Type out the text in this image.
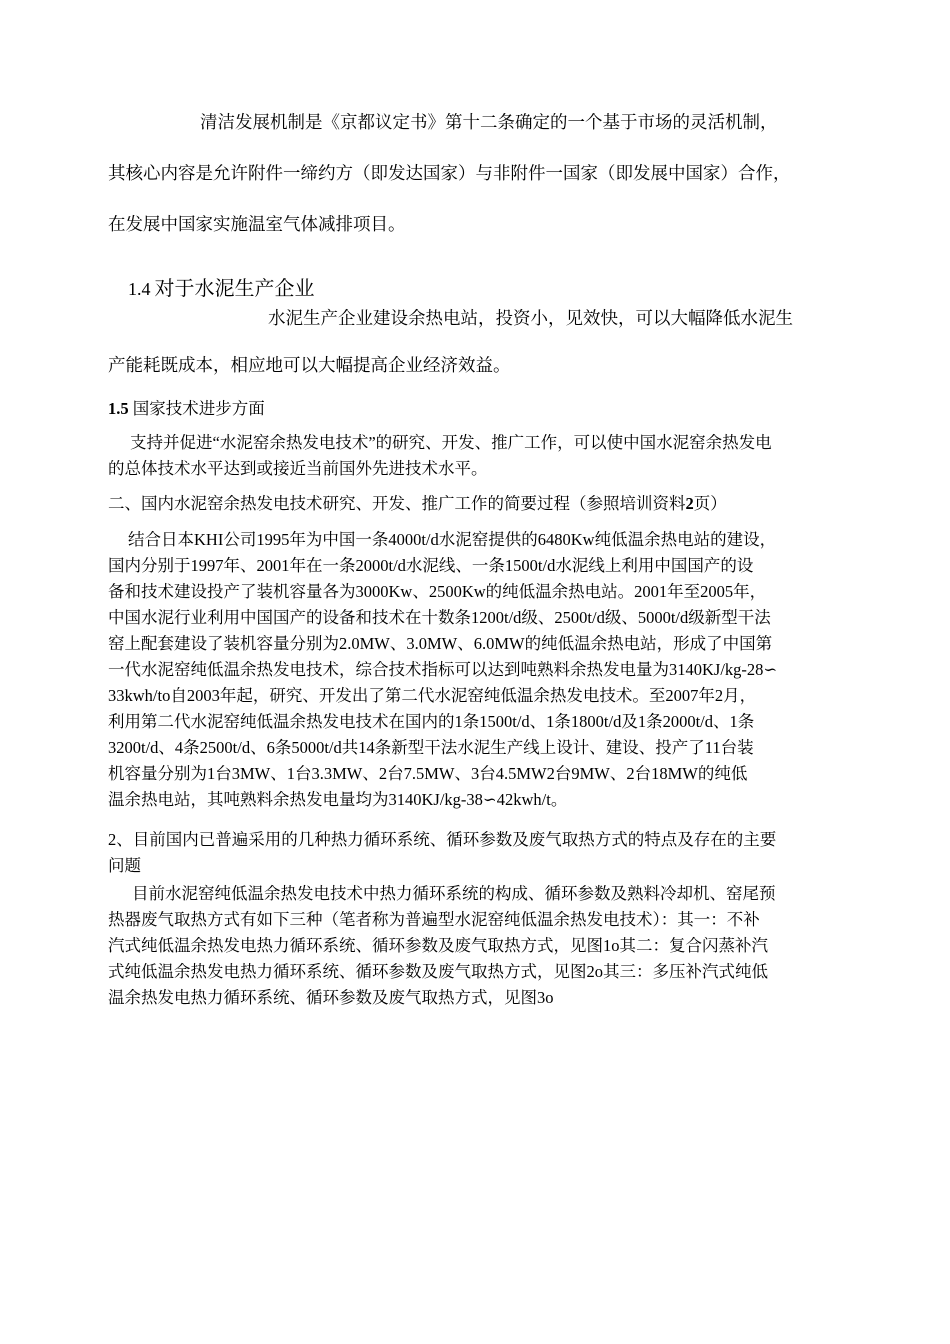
清洁发展机制是《京都议定书》第十二条确定的一个基于市场的灵活机制，
其核心内容是允许附件一缔约方（即发达国家）与非附件一国家（即发展中国家）合作，
在发展中国家实施温室气体减排项目。
1.4 对于水泥生产企业
水泥生产企业建设余热电站，投资小，见效快，可以大幅降低水泥生
产能耗既成本，相应地可以大幅提高企业经济效益。
1.5 国家技术进步方面
支持并促进“水泥窑余热发电技术”的研究、开发、推广工作，可以使中国水泥窑余热发电
的总体技术水平达到或接近当前国外先进技术水平。
二、国内水泥窑余热发电技术研究、开发、推广工作的简要过程（参照培训资料2页）
结合日本KHI公司1995年为中国一条4000t/d水泥窑提供的6480Kw纯低温余热电站的建设，
国内分别于1997年、2001年在一条2000t/d水泥线、一条1500t/d水泥线上利用中国国产的设
备和技术建设投产了装机容量各为3000Kw、2500Kw的纯低温余热电站。2001年至2005年，
中国水泥行业利用中国国产的设备和技术在十数条1200t/d级、2500t/d级、5000t/d级新型干法
窑上配套建设了装机容量分别为2.0MW、3.0MW、6.0MW的纯低温余热电站，形成了中国第
一代水泥窑纯低温余热发电技术，综合技术指标可以达到吨熟料余热发电量为3140KJ/kg-28∽
33kwh/to自2003年起，研究、开发出了第二代水泥窑纯低温余热发电技术。至2007年2月，
利用第二代水泥窑纯低温余热发电技术在国内的1条1500t/d、1条1800t/d及1条2000t/d、1条
3200t/d、4条2500t/d、6条5000t/d共14条新型干法水泥生产线上设计、建设、投产了11台装
机容量分别为1台3MW、1台3.3MW、2台7.5MW、3台4.5MW2台9MW、2台18MW的纯低
温余热电站，其吨熟料余热发电量均为3140KJ/kg-38∽42kwh/t。
2、目前国内已普遍采用的几种热力循环系统、循环参数及废气取热方式的特点及存在的主要
问题
目前水泥窑纯低温余热发电技术中热力循环系统的构成、循环参数及熟料冷却机、窑尾预
热器废气取热方式有如下三种（笔者称为普遍型水泥窑纯低温余热发电技术）：其一：不补
汽式纯低温余热发电热力循环系统、循环参数及废气取热方式，见图1o其二：复合闪蒸补汽
式纯低温余热发电热力循环系统、循环参数及废气取热方式，见图2o其三：多压补汽式纯低
温余热发电热力循环系统、循环参数及废气取热方式，见图3o
